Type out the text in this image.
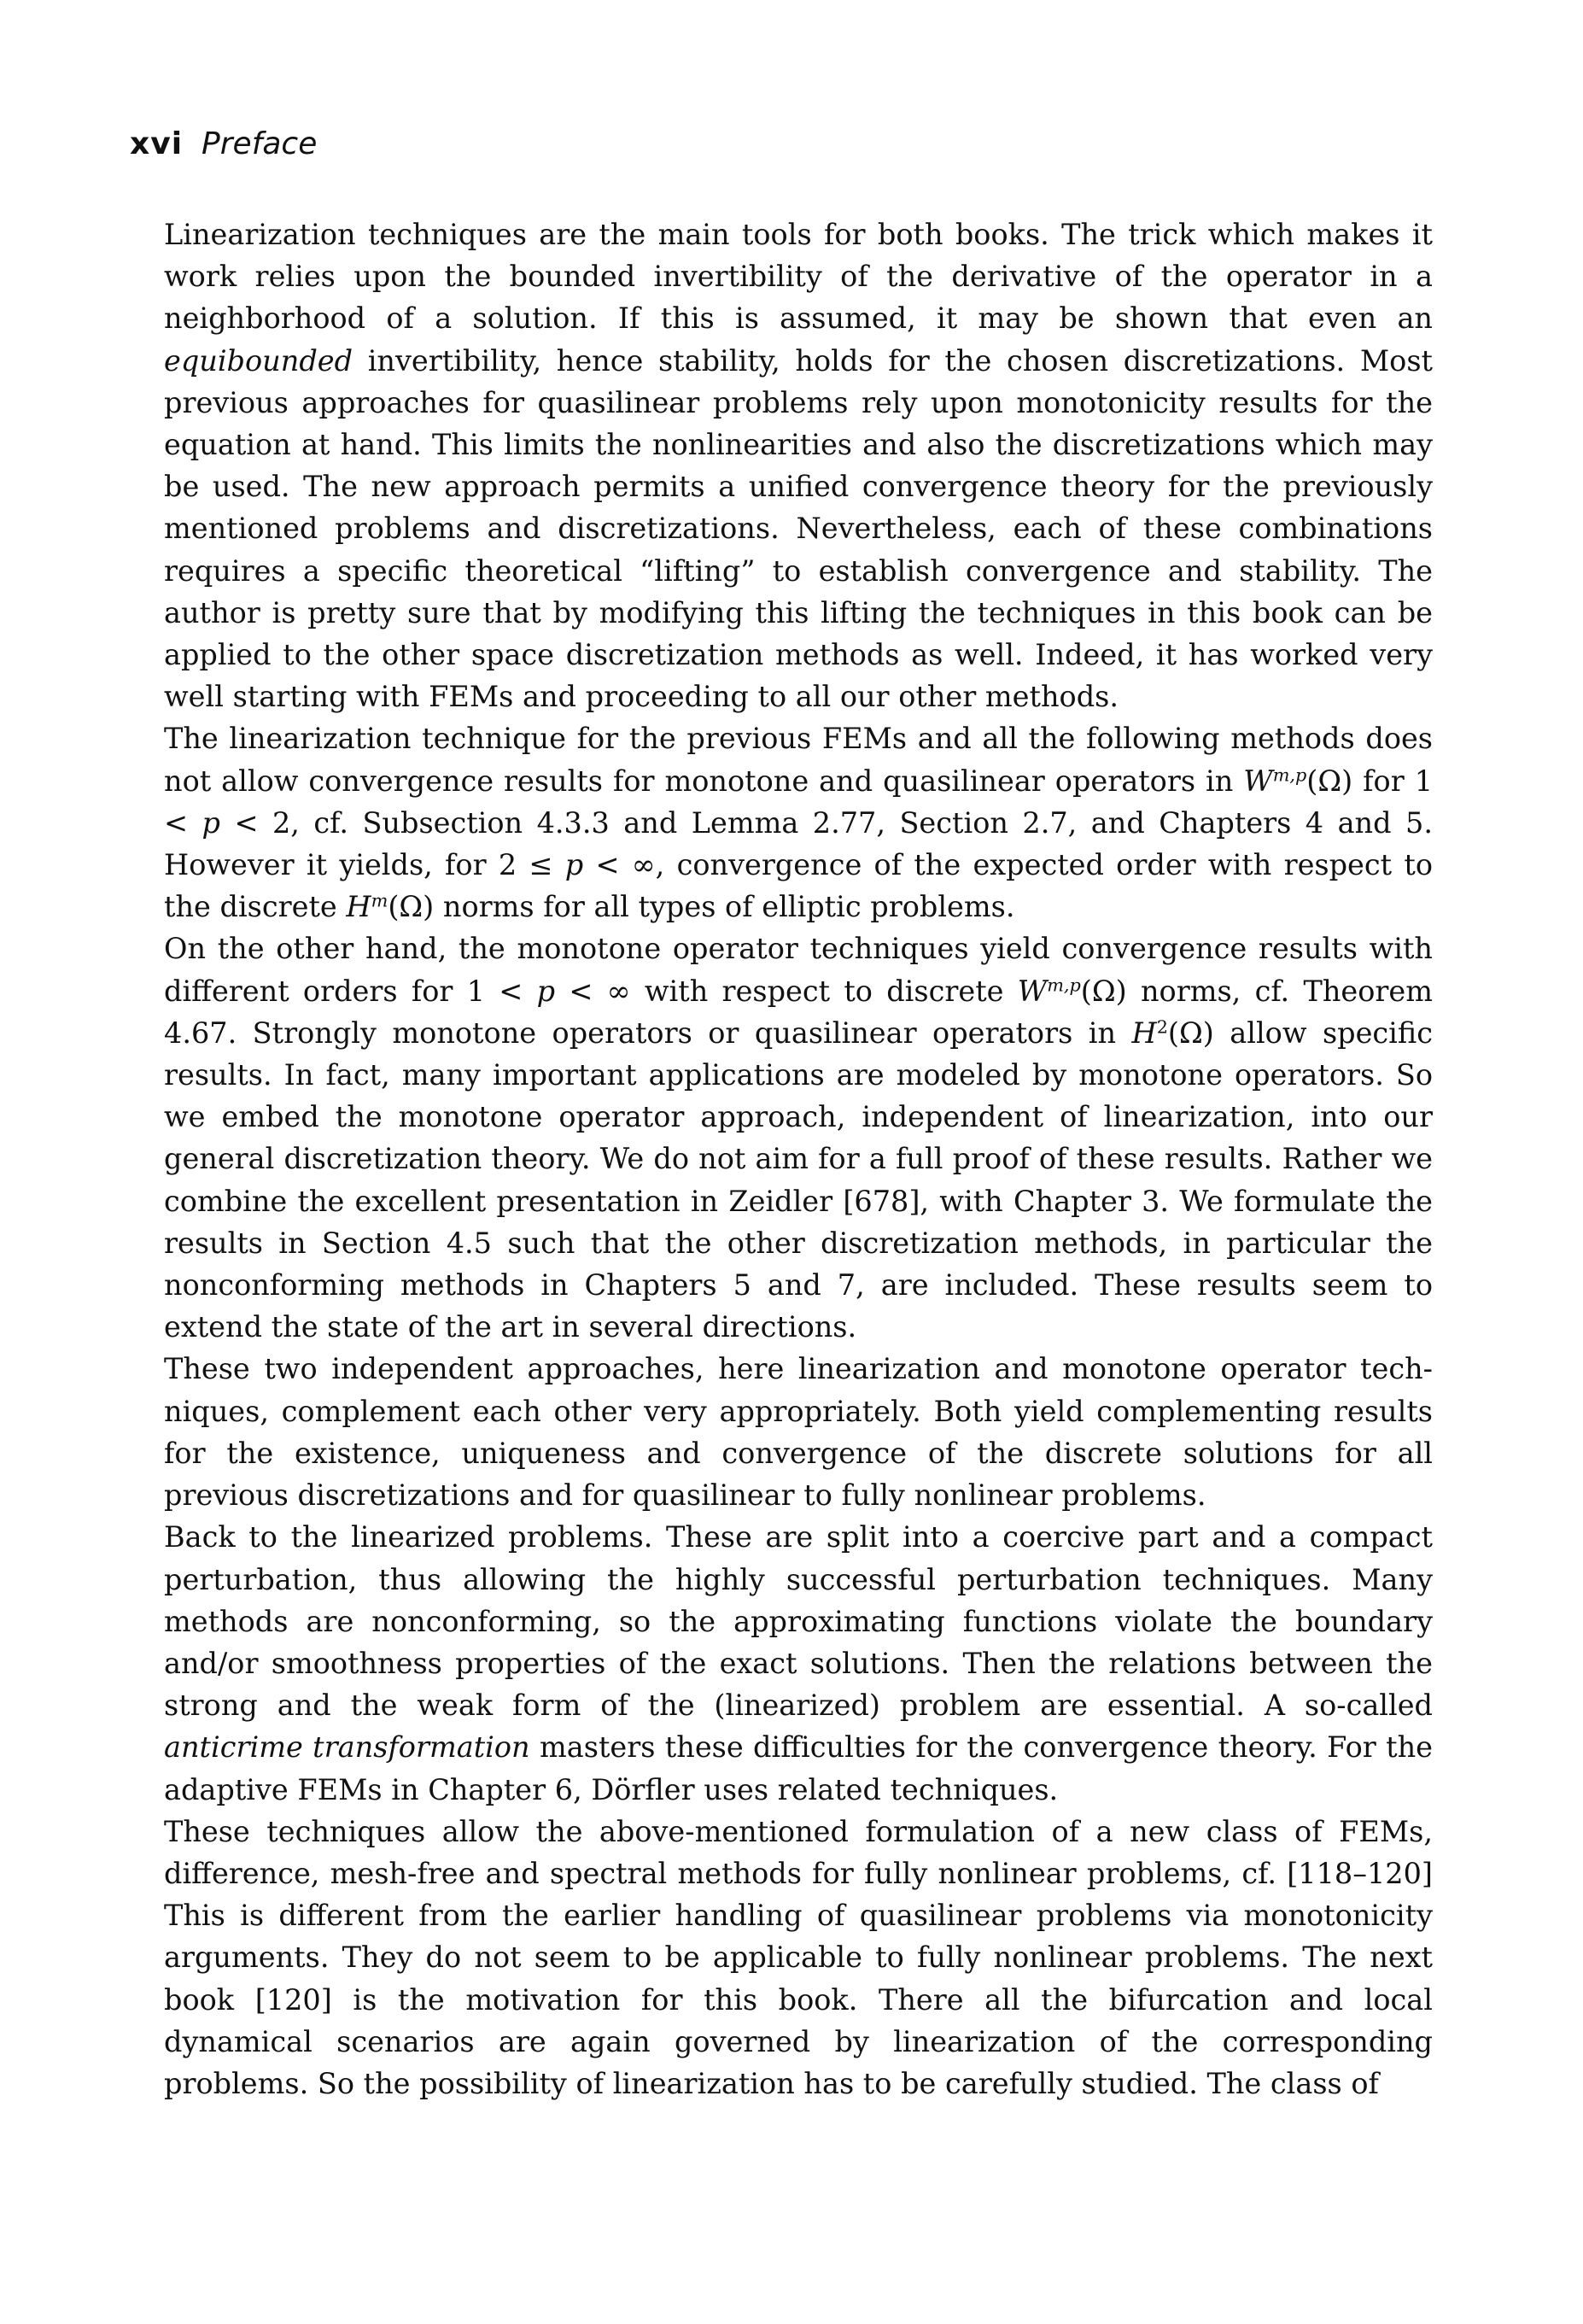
xvi Preface

Linearization techniques are the main tools for both books. The trick which makes it work relies upon the bounded invertibility of the derivative of the operator in a neighborhood of a solution. If this is assumed, it may be shown that even an equibounded invertibility, hence stability, holds for the chosen discretizations. Most previous approaches for quasilinear problems rely upon monotonicity results for the equation at hand. This limits the nonlinearities and also the discretizations which may be used. The new approach permits a unified convergence theory for the previously mentioned problems and discretizations. Nevertheless, each of these combinations requires a specific theoretical “lifting” to establish convergence and stability. The author is pretty sure that by modifying this lifting the techniques in this book can be applied to the other space discretization methods as well. Indeed, it has worked very well starting with FEMs and proceeding to all our other methods.

The linearization technique for the previous FEMs and all the following methods does not allow convergence results for monotone and quasilinear operators in W$^{m,p}$(Ω) for 1 < p < 2, cf. Subsection 4.3.3 and Lemma 2.77, Section 2.7, and Chapters 4 and 5. However it yields, for 2 ≤ p < ∞, convergence of the expected order with respect to the discrete $H^m(\Omega)$ norms for all types of elliptic problems.

On the other hand, the monotone operator techniques yield convergence results with different orders for 1 < p < ∞ with respect to discrete W$^{m,p}$(Ω) norms, cf. Theorem 4.67. Strongly monotone operators or quasilinear operators in $H^2(\Omega)$ allow specific results. In fact, many important applications are modeled by monotone operators. So we embed the monotone operator approach, independent of linearization, into our general discretization theory. We do not aim for a full proof of these results. Rather we combine the excellent presentation in Zeidler [678], with Chapter 3. We formulate the results in Section 4.5 such that the other discretization methods, in particular the nonconforming methods in Chapters 5 and 7, are included. These results seem to extend the state of the art in several directions.

These two independent approaches, here linearization and monotone operator techniques, complement each other very appropriately. Both yield complementing results for the existence, uniqueness and convergence of the discrete solutions for all previous discretizations and for quasilinear to fully nonlinear problems.

Back to the linearized problems. These are split into a coercive part and a compact perturbation, thus allowing the highly successful perturbation techniques. Many methods are nonconforming, so the approximating functions violate the boundary and/or smoothness properties of the exact solutions. Then the relations between the strong and the weak form of the (linearized) problem are essential. A so-called anticrime transformation masters these difficulties for the convergence theory. For the adaptive FEMs in Chapter 6, Dörfler uses related techniques.

These techniques allow the above-mentioned formulation of a new class of FEMs, difference, mesh-free and spectral methods for fully nonlinear problems, cf. [118–120] This is different from the earlier handling of quasilinear problems via monotonicity arguments. They do not seem to be applicable to fully nonlinear problems. The next book [120] is the motivation for this book. There all the bifurcation and local dynamical scenarios are again governed by linearization of the corresponding problems. So the possibility of linearization has to be carefully studied. The class of
